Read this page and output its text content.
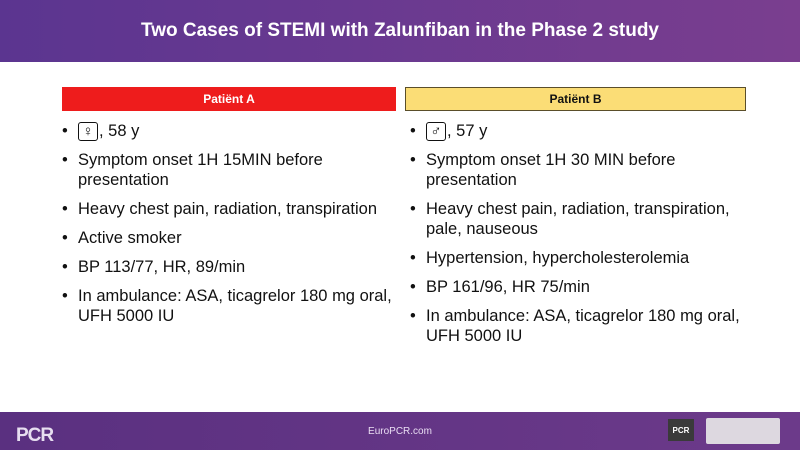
Two Cases of STEMI with Zalunfiban in the Phase 2 study
Patiënt A	Patiënt B
• ♀ , 58 y
• Symptom onset 1H 15MIN before presentation
• Heavy chest pain, radiation, transpiration
• Active smoker
• BP 113/77, HR, 89/min
• In ambulance: ASA, ticagrelor 180 mg oral, UFH 5000 IU
• ♂ , 57 y
• Symptom onset 1H 30 MIN before presentation
• Heavy chest pain, radiation, transpiration, pale, nauseous
• Hypertension, hypercholesterolemia
• BP 161/96, HR 75/min
• In ambulance: ASA, ticagrelor 180 mg oral, UFH 5000 IU
PCR	EuroPCR.com	PCR
